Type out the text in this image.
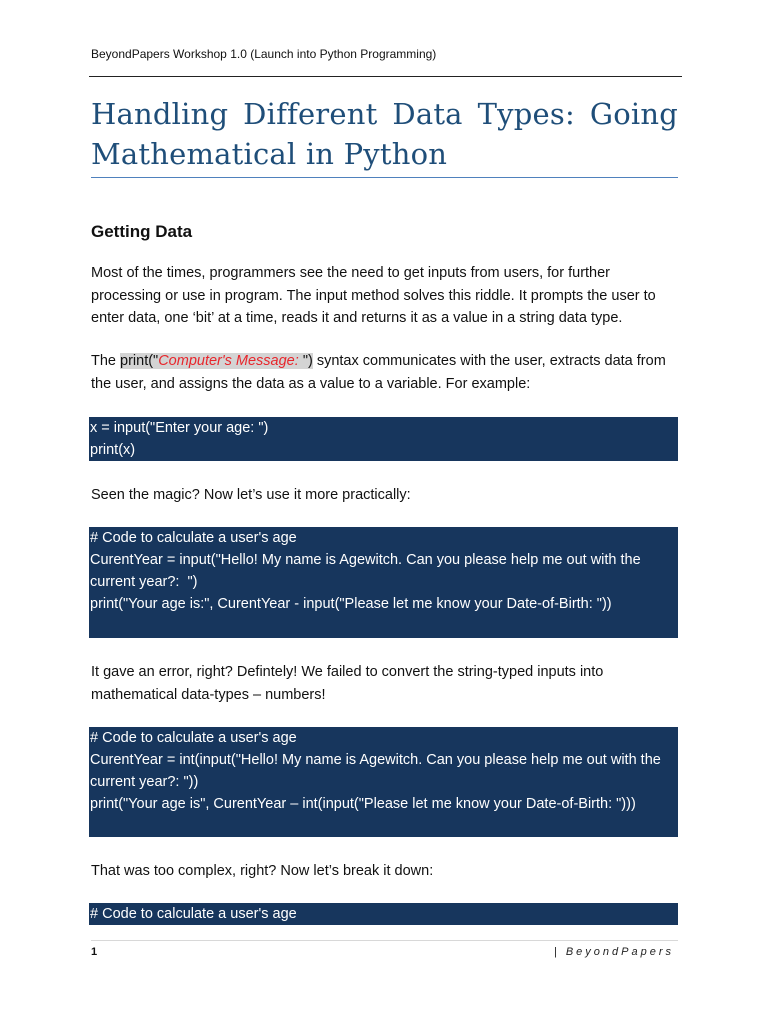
BeyondPapers Workshop 1.0 (Launch into Python Programming)
Handling Different Data Types: Going Mathematical in Python
Getting Data

Most of the times, programmers see the need to get inputs from users, for further processing or use in program. The input method solves this riddle. It prompts the user to enter data, one ‘bit’ at a time, reads it and returns it as a value in a string data type.

The print("Computer's Message: ") syntax communicates with the user, extracts data from the user, and assigns the data as a value to a variable. For example:

x = input("Enter your age: ")
print(x)

Seen the magic? Now let’s use it more practically:

# Code to calculate a user's age
CurentYear = input("Hello! My name is Agewitch. Can you please help me out with the current year?:  ")
print("Your age is:", CurentYear - input("Please let me know your Date-of-Birth: "))

It gave an error, right? Defintely! We failed to convert the string-typed inputs into mathematical data-types – numbers!

# Code to calculate a user's age
CurentYear = int(input("Hello! My name is Agewitch. Can you please help me out with the current year?: "))
print("Your age is", CurentYear – int(input("Please let me know your Date-of-Birth: ")))

That was too complex, right? Now let’s break it down:

# Code to calculate a user's age
1	| BeyondPapers
